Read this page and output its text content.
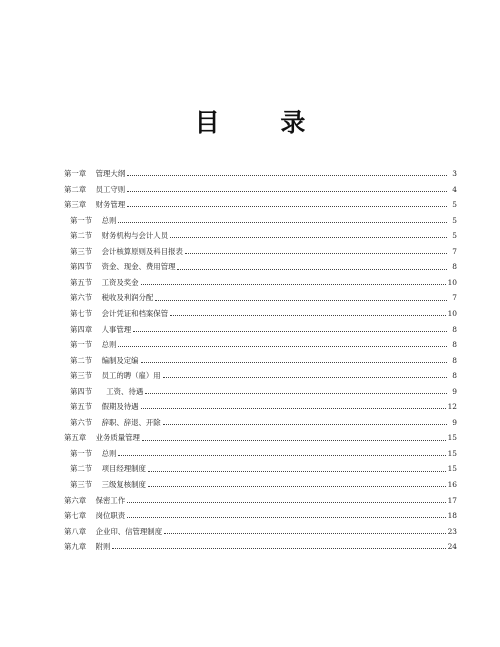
目 录
第一章    管理大纲	3
第二章    员工守则	4
第三章    财务管理	5
第一节    总则	5
第二节    财务机构与会计人员	5
第三节    会计核算原则及科目报表	7
第四节    资金、现金、费用管理	8
第五节    工资及奖金	10
第六节    税收及利润分配	7
第七节    会计凭证和档案保管	10
第四章    人事管理	8
第一节    总则	8
第二节    编制及定编	8
第三节    员工的聘（雇）用	8
第四节      工资、待遇	9
第五节    假期及待遇	12
第六节    辞职、辞退、开除	9
第五章    业务质量管理	15
第一节    总则	15
第二节    项目经理制度	15
第三节    三级复核制度	16
第六章    保密工作	17
第七章    岗位职责	18
第八章    企业印、信管理制度	23
第九章    附则	24
